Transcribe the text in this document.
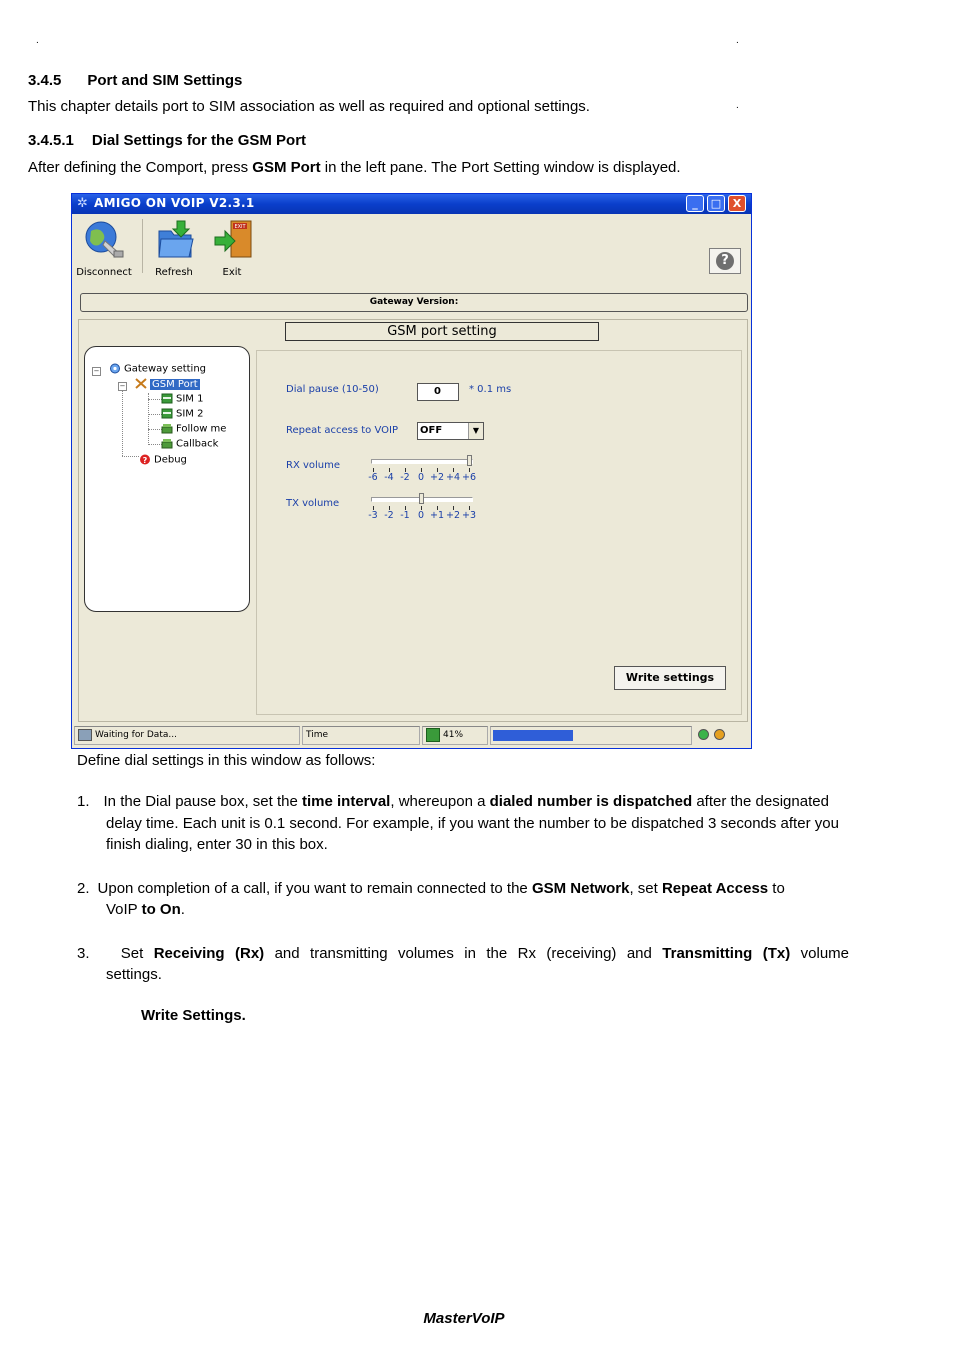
.	.
.
3.4.5 Port and SIM Settings

This chapter details port to SIM association as well as required and optional settings.

3.4.5.1 Dial Settings for the GSM Port

After defining the Comport, press GSM Port in the left pane. The Port Setting window is displayed.

✲ AMIGO ON VOIP V2.3.1	_	□	X
Disconnect	Refresh
EXIT
Exit
?
Gateway Version:
GSM port setting
−
−
Gateway setting
GSM Port
SIM 1
SIM 2
Follow me
Callback
? Debug
Dial pause (10-50)	0	* 0.1 ms
Repeat access to VOIP OFF	▼
RX volume
-6 -4 -2 0 +2 +4 +6
TX volume
-3 -2 -1 0 +1 +2 +3
Write settings
Waiting for Data...	Time	41%

Define dial settings in this window as follows:

1. In the Dial pause box, set the time interval, whereupon a dialed number is dispatched after the designated

delay time. Each unit is 0.1 second. For example, if you want the number to be dispatched 3 seconds after you

finish dialing, enter 30 in this box.

2. Upon completion of a call, if you want to remain connected to the GSM Network, set Repeat Access to

VoIP to On.

3. Set Receiving (Rx) and transmitting volumes in the Rx (receiving) and Transmitting (Tx) volume

settings.

Write Settings.

MasterVoIP
